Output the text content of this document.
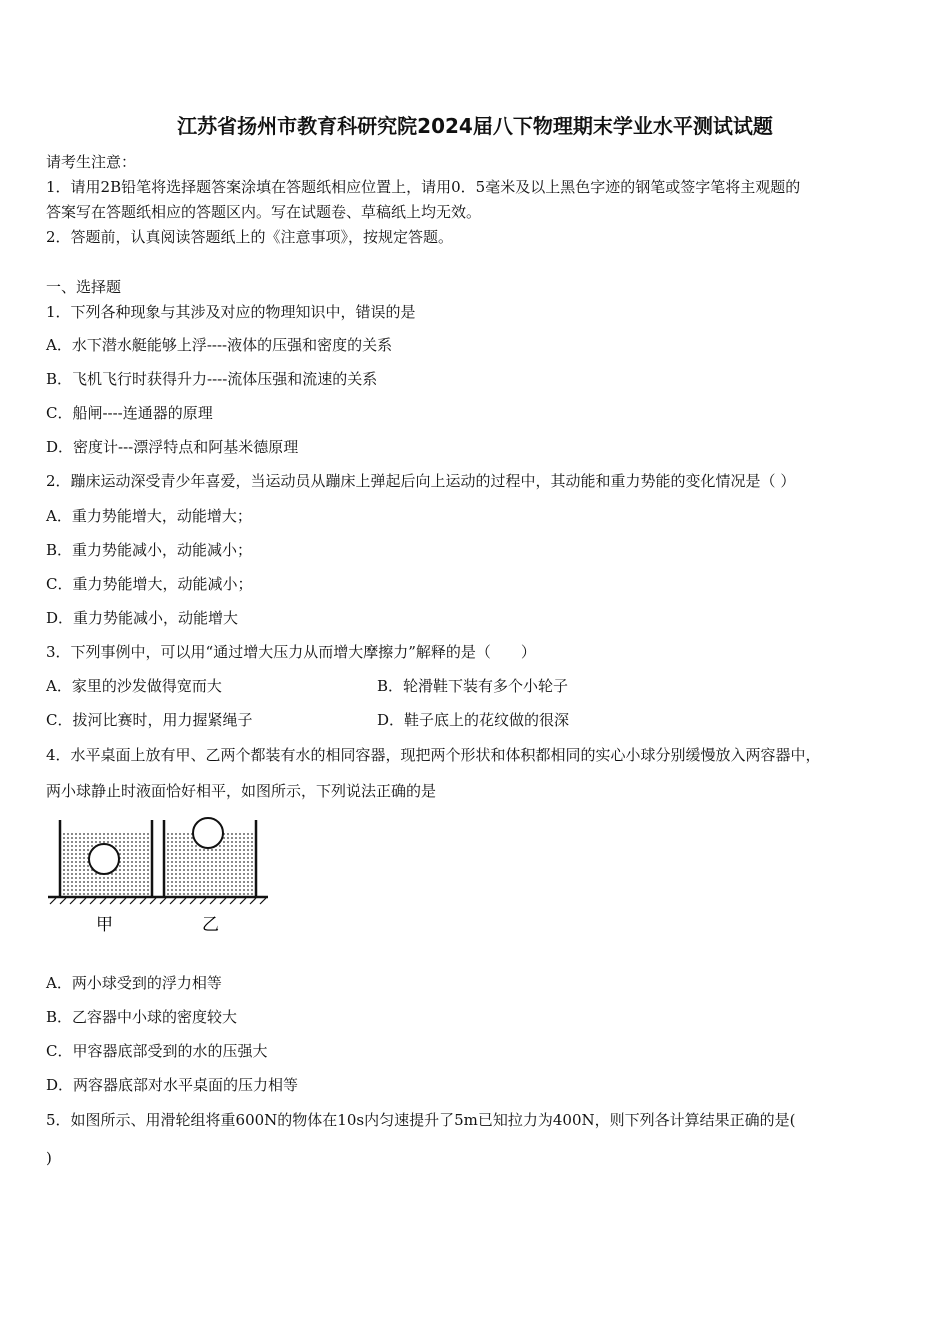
江苏省扬州市教育科研究院2024届八下物理期末学业水平测试试题
请考生注意：
1．请用2B铅笔将选择题答案涂填在答题纸相应位置上，请用0．5毫米及以上黑色字迹的钢笔或签字笔将主观题的
答案写在答题纸相应的答题区内。写在试题卷、草稿纸上均无效。
2．答题前，认真阅读答题纸上的《注意事项》，按规定答题。
一、选择题
1．下列各种现象与其涉及对应的物理知识中，错误的是
A．水下潜水艇能够上浮----液体的压强和密度的关系
B．飞机飞行时获得升力----流体压强和流速的关系
C．船闸----连通器的原理
D．密度计---漂浮特点和阿基米德原理
2．蹦床运动深受青少年喜爱，当运动员从蹦床上弹起后向上运动的过程中，其动能和重力势能的变化情况是（ ）
A．重力势能增大，动能增大；
B．重力势能减小，动能减小；
C．重力势能增大，动能减小；
D．重力势能减小，动能增大
3．下列事例中，可以用“通过增大压力从而增大摩擦力”解释的是（　　）
A．家里的沙发做得宽而大	B．轮滑鞋下装有多个小轮子
C．拔河比赛时，用力握紧绳子	D．鞋子底上的花纹做的很深
4．水平桌面上放有甲、乙两个都装有水的相同容器，现把两个形状和体积都相同的实心小球分别缓慢放入两容器中，
两小球静止时液面恰好相平，如图所示，下列说法正确的是
甲	乙
A．两小球受到的浮力相等
B．乙容器中小球的密度较大
C．甲容器底部受到的水的压强大
D．两容器底部对水平桌面的压力相等
5．如图所示、用滑轮组将重600N的物体在10s内匀速提升了5m已知拉力为400N，则下列各计算结果正确的是(
)
